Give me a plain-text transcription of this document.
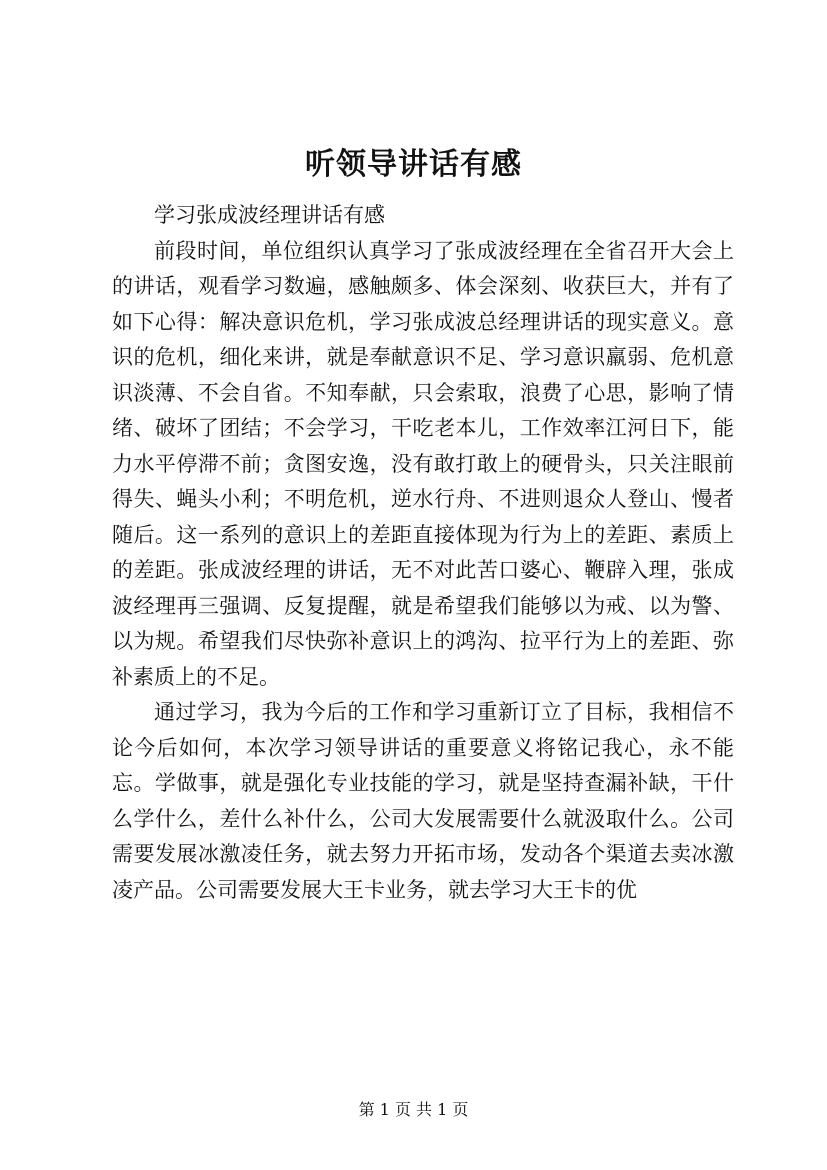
听领导讲话有感

学习张成波经理讲话有感

前段时间，单位组织认真学习了张成波经理在全省召开大会上的讲话，观看学习数遍，感触颇多、体会深刻、收获巨大，并有了如下心得：解决意识危机，学习张成波总经理讲话的现实意义。意识的危机，细化来讲，就是奉献意识不足、学习意识羸弱、危机意识淡薄、不会自省。不知奉献，只会索取，浪费了心思，影响了情绪、破坏了团结；不会学习，干吃老本儿，工作效率江河日下，能力水平停滞不前；贪图安逸，没有敢打敢上的硬骨头，只关注眼前得失、蝇头小利；不明危机，逆水行舟、不进则退众人登山、慢者随后。这一系列的意识上的差距直接体现为行为上的差距、素质上的差距。张成波经理的讲话，无不对此苦口婆心、鞭辟入理，张成波经理再三强调、反复提醒，就是希望我们能够以为戒、以为警、以为规。希望我们尽快弥补意识上的鸿沟、拉平行为上的差距、弥补素质上的不足。

通过学习，我为今后的工作和学习重新订立了目标，我相信不论今后如何，本次学习领导讲话的重要意义将铭记我心，永不能忘。学做事，就是强化专业技能的学习，就是坚持查漏补缺，干什么学什么，差什么补什么，公司大发展需要什么就汲取什么。公司需要发展冰激凌任务，就去努力开拓市场，发动各个渠道去卖冰激凌产品。公司需要发展大王卡业务，就去学习大王卡的优

第 1 页 共 1 页
